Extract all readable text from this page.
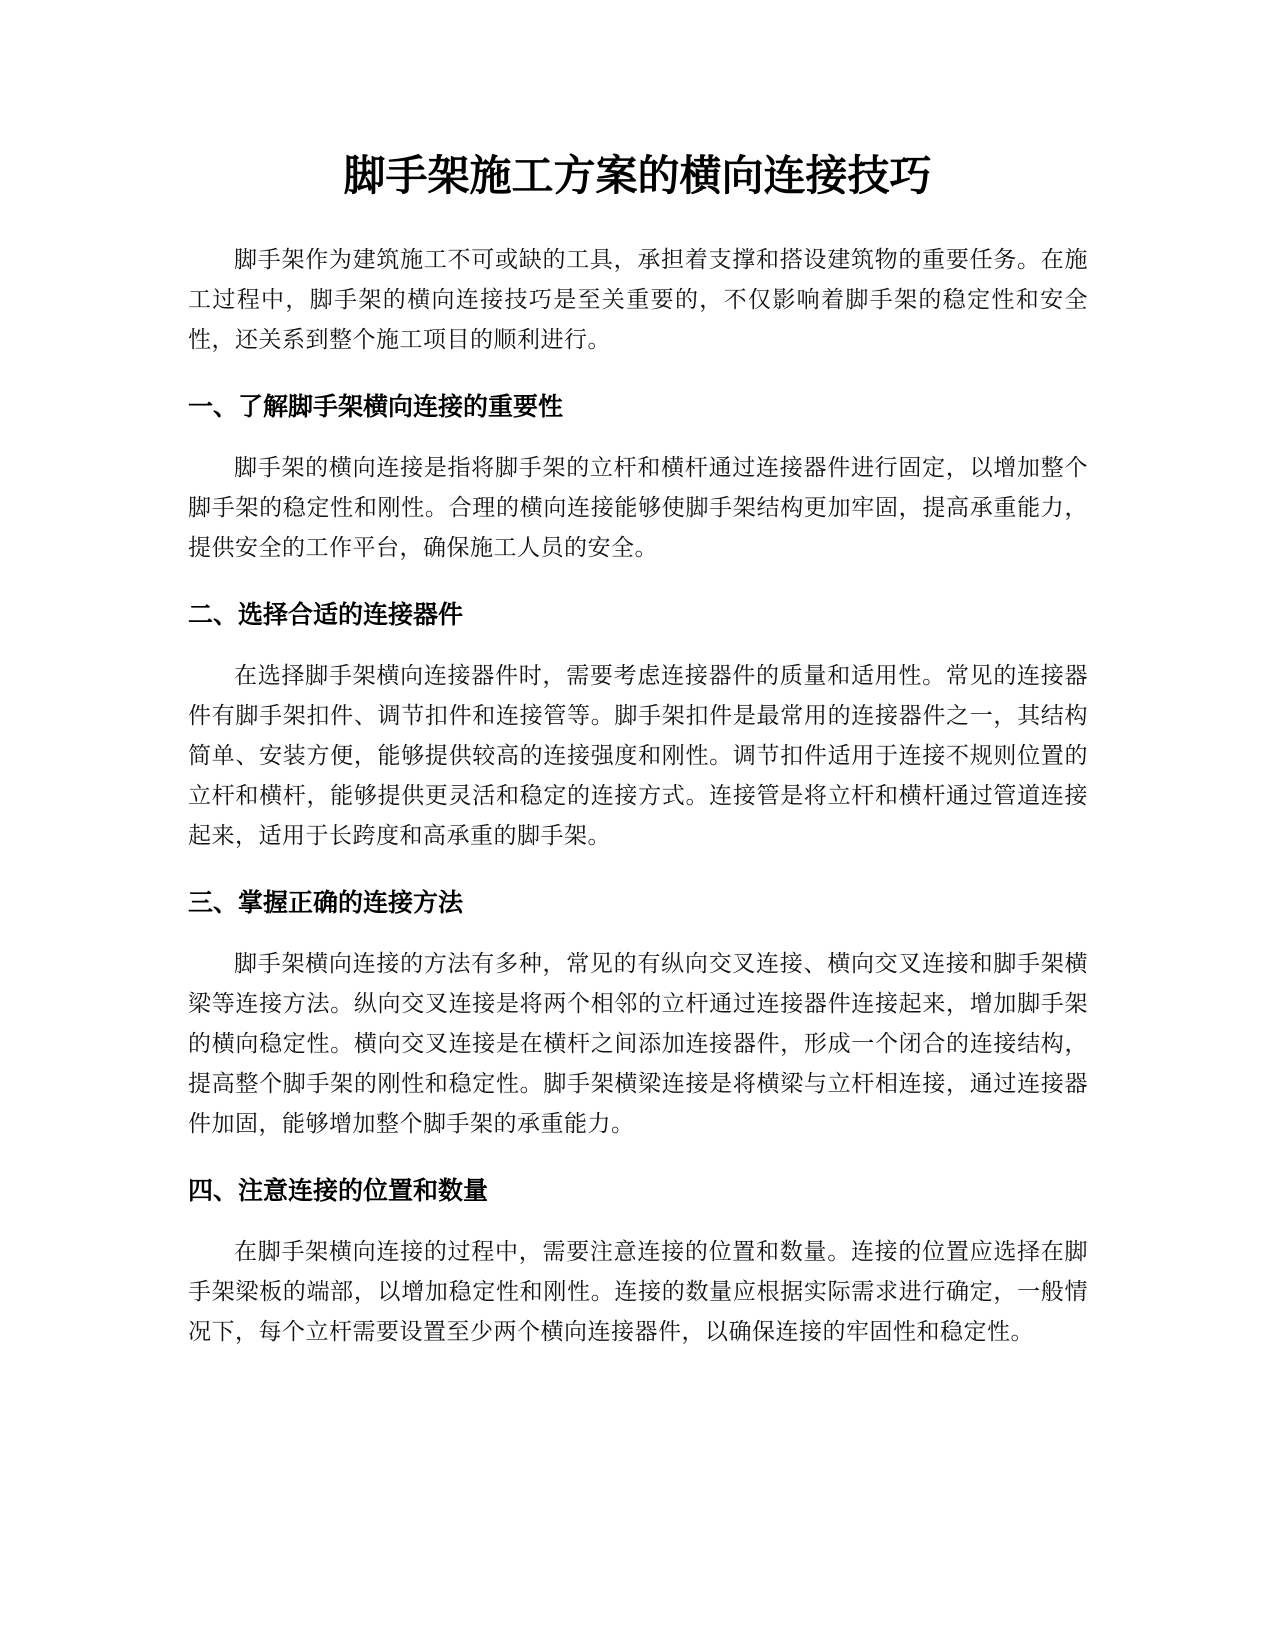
脚手架施工方案的横向连接技巧

脚手架作为建筑施工不可或缺的工具，承担着支撑和搭设建筑物的重要任务。在施工过程中，脚手架的横向连接技巧是至关重要的，不仅影响着脚手架的稳定性和安全性，还关系到整个施工项目的顺利进行。

一、了解脚手架横向连接的重要性

脚手架的横向连接是指将脚手架的立杆和横杆通过连接器件进行固定，以增加整个脚手架的稳定性和刚性。合理的横向连接能够使脚手架结构更加牢固，提高承重能力，提供安全的工作平台，确保施工人员的安全。

二、选择合适的连接器件

在选择脚手架横向连接器件时，需要考虑连接器件的质量和适用性。常见的连接器件有脚手架扣件、调节扣件和连接管等。脚手架扣件是最常用的连接器件之一，其结构简单、安装方便，能够提供较高的连接强度和刚性。调节扣件适用于连接不规则位置的立杆和横杆，能够提供更灵活和稳定的连接方式。连接管是将立杆和横杆通过管道连接起来，适用于长跨度和高承重的脚手架。

三、掌握正确的连接方法

脚手架横向连接的方法有多种，常见的有纵向交叉连接、横向交叉连接和脚手架横梁等连接方法。纵向交叉连接是将两个相邻的立杆通过连接器件连接起来，增加脚手架的横向稳定性。横向交叉连接是在横杆之间添加连接器件，形成一个闭合的连接结构，提高整个脚手架的刚性和稳定性。脚手架横梁连接是将横梁与立杆相连接，通过连接器件加固，能够增加整个脚手架的承重能力。

四、注意连接的位置和数量

在脚手架横向连接的过程中，需要注意连接的位置和数量。连接的位置应选择在脚手架梁板的端部，以增加稳定性和刚性。连接的数量应根据实际需求进行确定，一般情况下，每个立杆需要设置至少两个横向连接器件，以确保连接的牢固性和稳定性。
